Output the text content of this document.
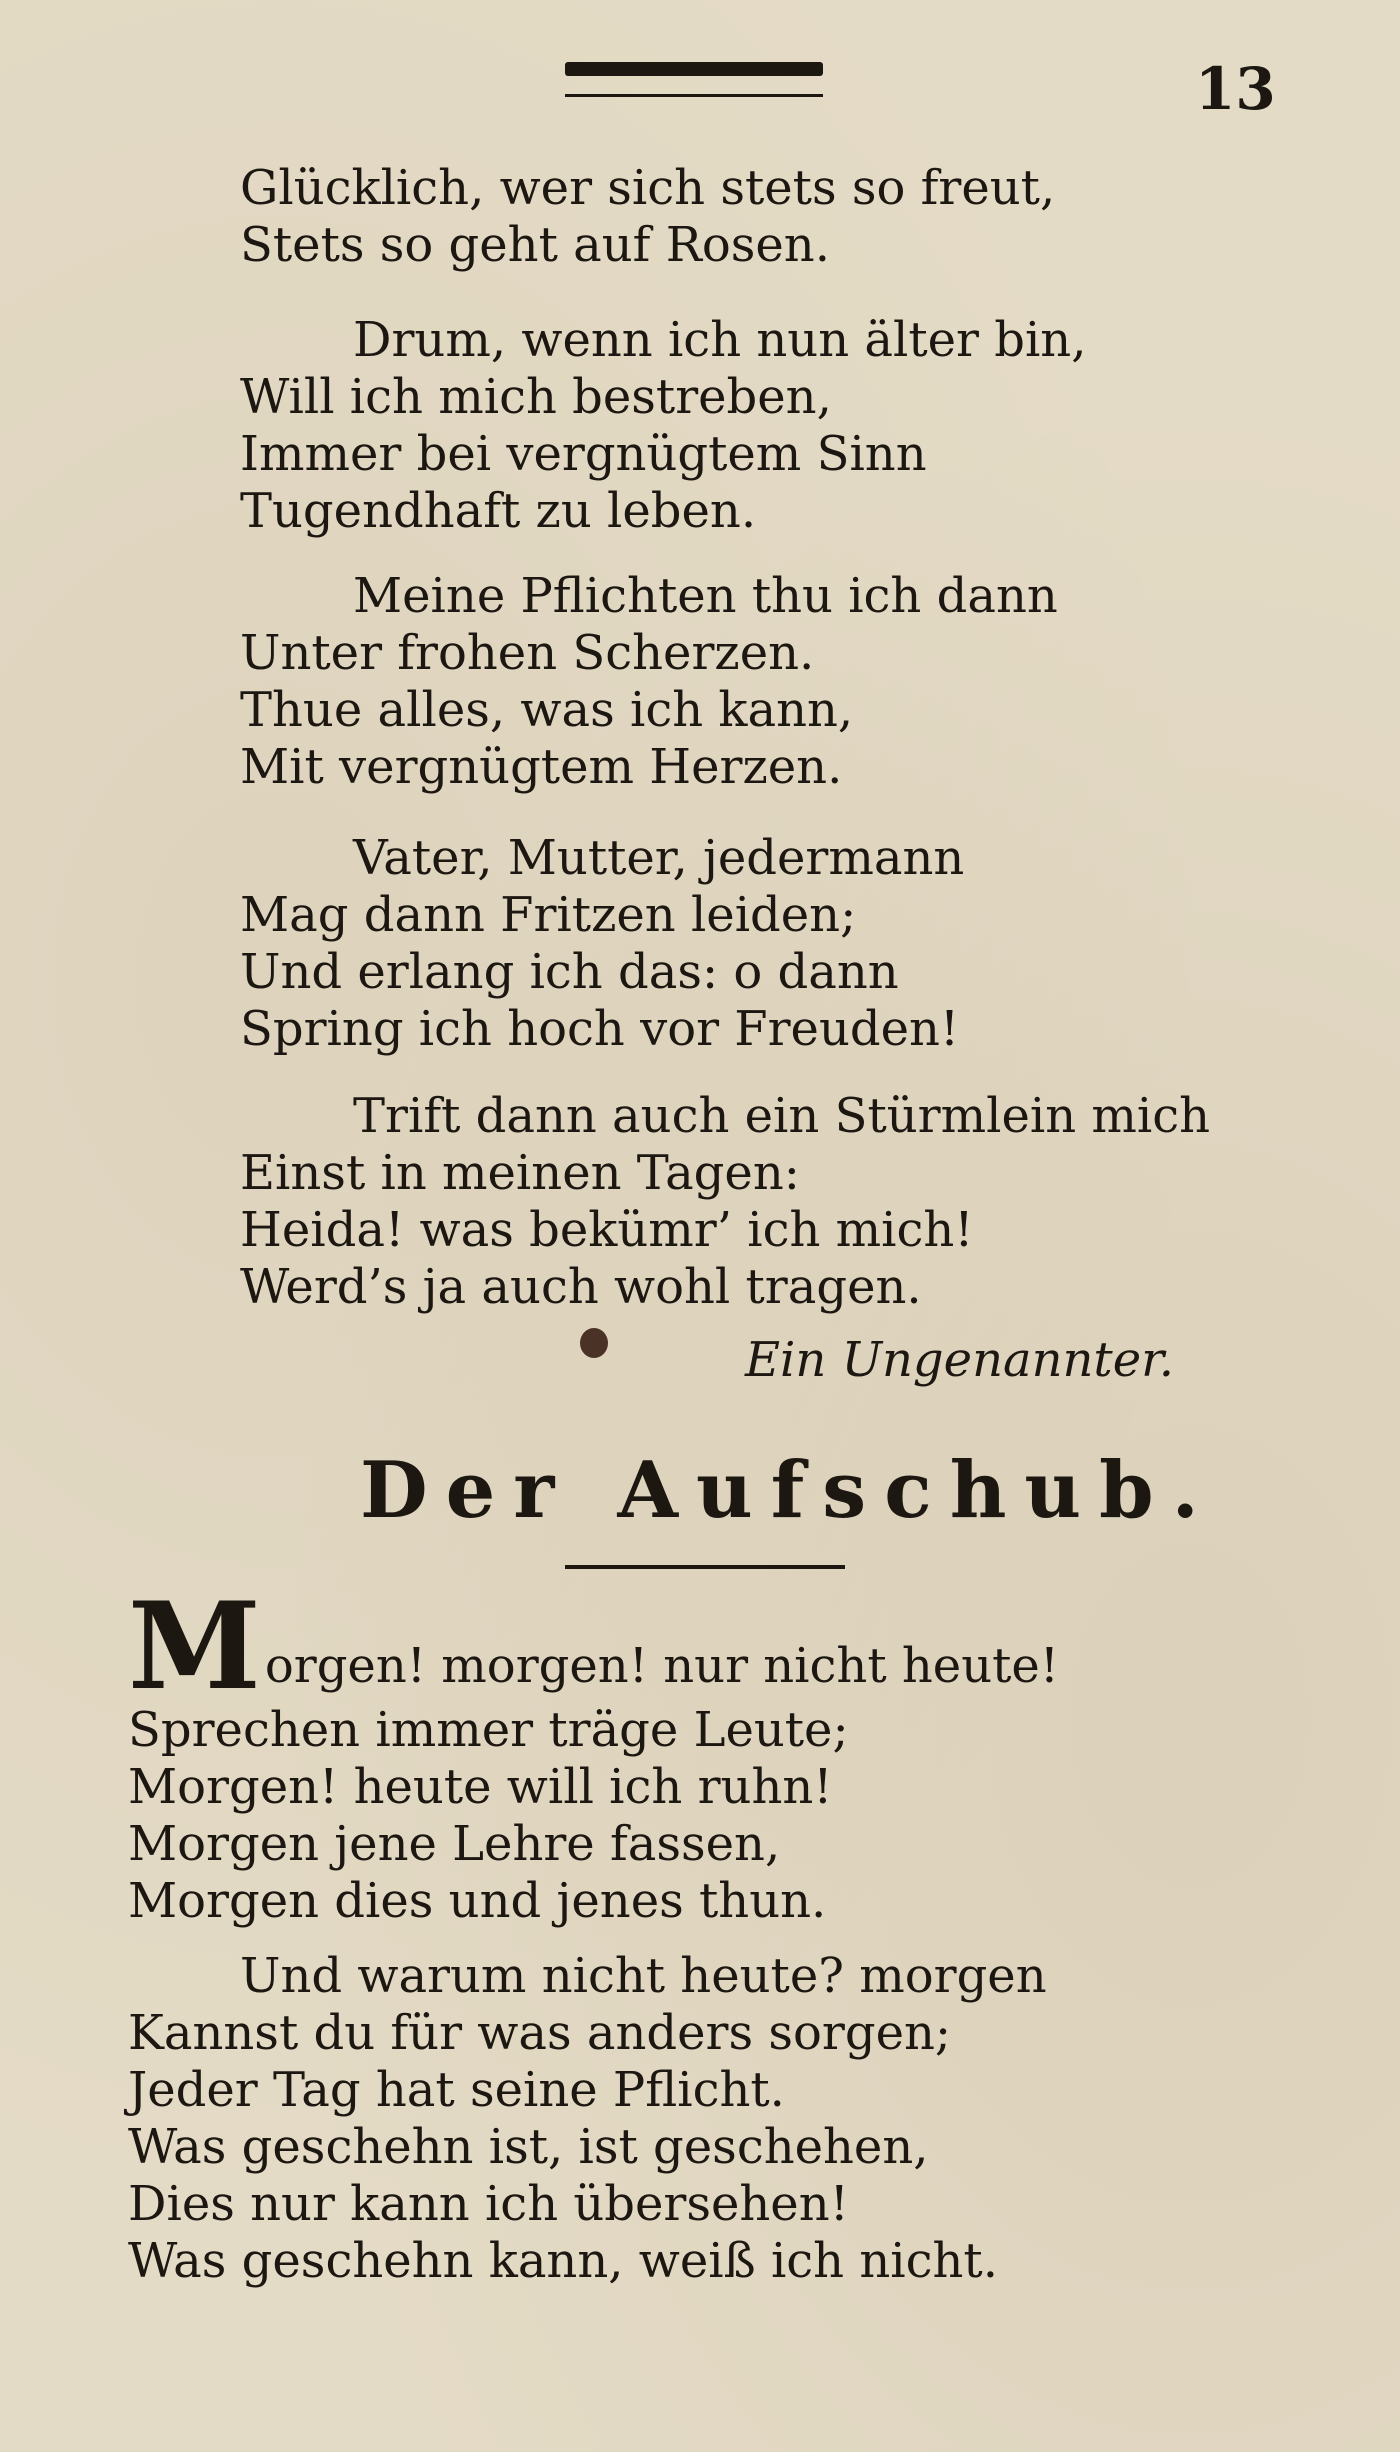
13
Glücklich, wer sich stets so freut,
Stets so geht auf Rosen.
Drum, wenn ich nun älter bin,
Will ich mich bestreben,
Immer bei vergnügtem Sinn
Tugendhaft zu leben.
Meine Pflichten thu ich dann
Unter frohen Scherzen.
Thue alles, was ich kann,
Mit vergnügtem Herzen.
Vater, Mutter, jedermann
Mag dann Fritzen leiden;
Und erlang ich das: o dann
Spring ich hoch vor Freuden!
Trift dann auch ein Stürmlein mich
Einst in meinen Tagen:
Heida! was bekümr’ ich mich!
Werd’s ja auch wohl tragen.
Ein Ungenannter.
Der Aufschub.
M orgen! morgen! nur nicht heute!
Sprechen immer träge Leute;
Morgen! heute will ich ruhn!
Morgen jene Lehre fassen,
Morgen dies und jenes thun.
Und warum nicht heute? morgen
Kannst du für was anders sorgen;
Jeder Tag hat seine Pflicht.
Was geschehn ist, ist geschehen,
Dies nur kann ich übersehen!
Was geschehn kann, weiß ich nicht.
